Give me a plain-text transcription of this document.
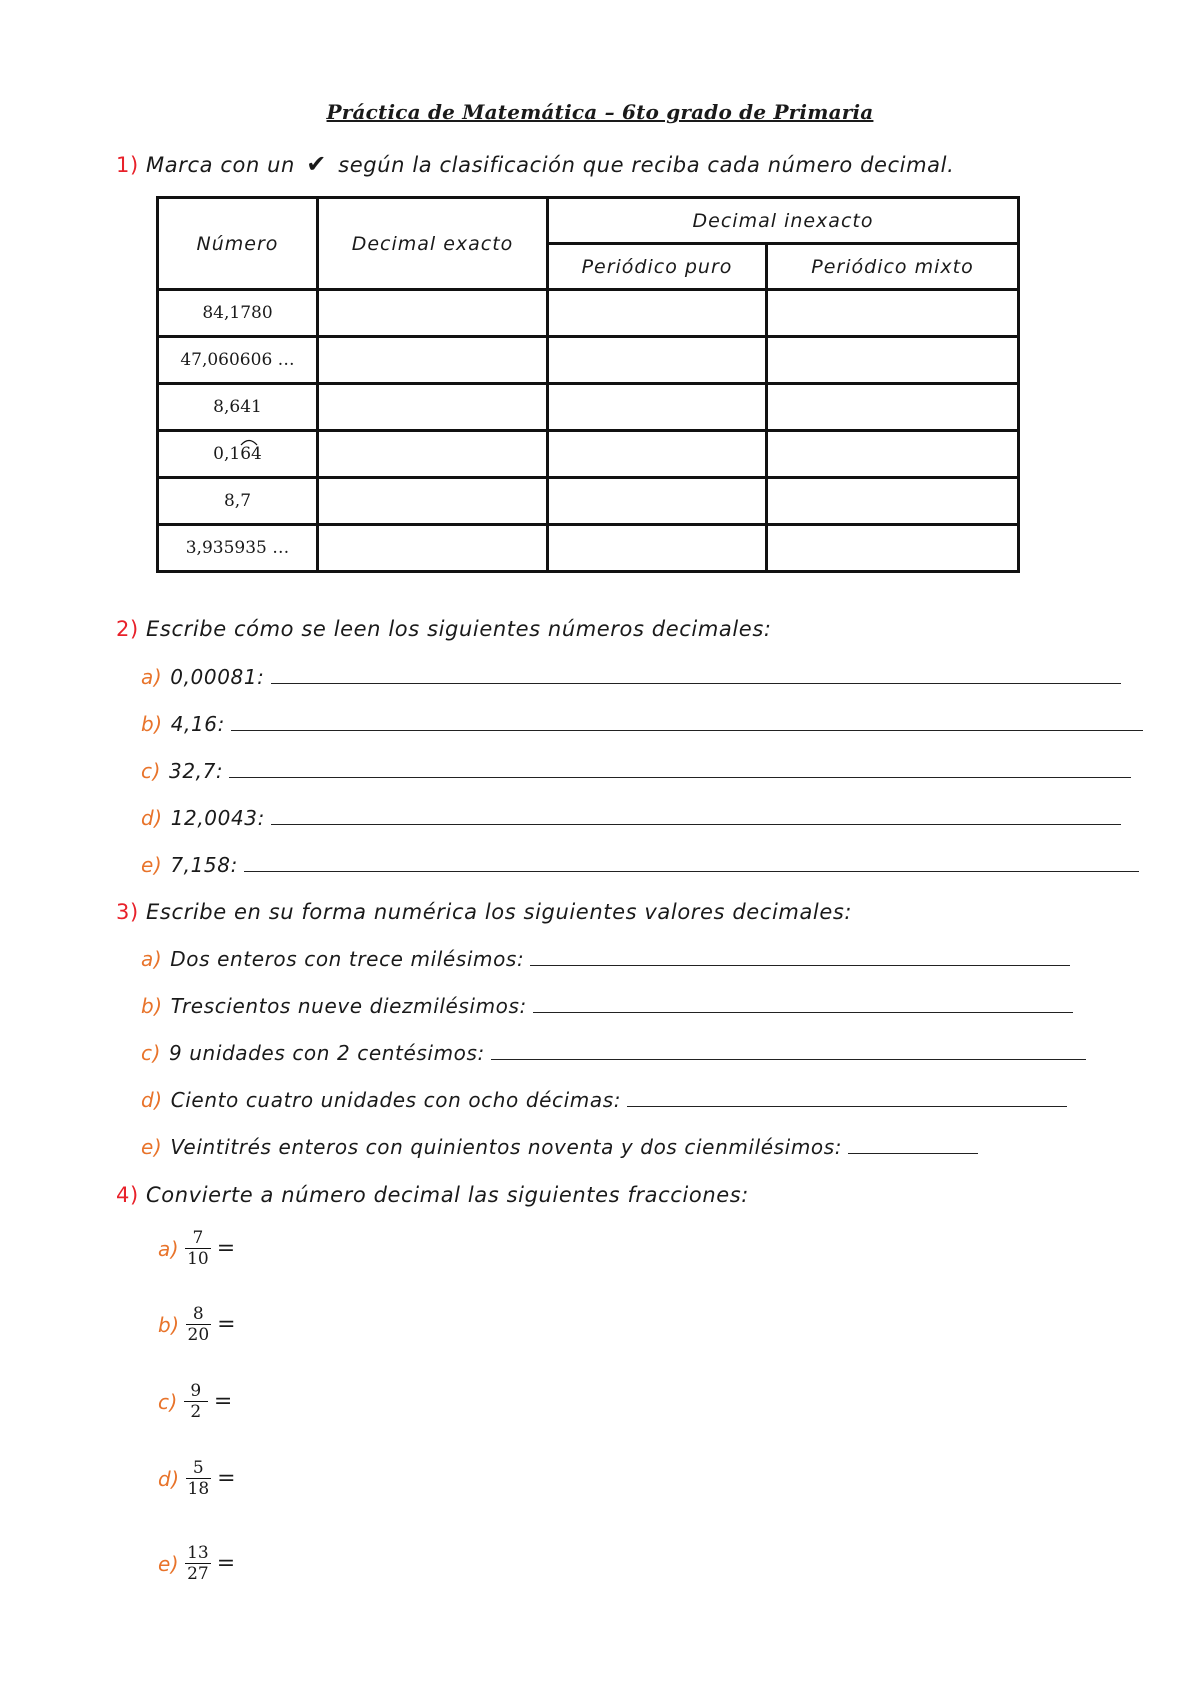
Práctica de Matemática – 6to grado de Primaria
1) Marca con un ✔ según la clasificación que reciba cada número decimal.
Número	Decimal exacto	Decimal inexacto	
		Periódico puro	Periódico mixto
84,1780			
47,060606 …			
8,641			
0,164

8,7			
3,935935 …			
2) Escribe cómo se leen los siguientes números decimales:
a) 0,00081:
b) 4,16:
c) 32,7:
d) 12,0043:
e) 7,158:
3) Escribe en su forma numérica los siguientes valores decimales:
a) Dos enteros con trece milésimos:
b) Trescientos nueve diezmilésimos:
c) 9 unidades con 2 centésimos:
d) Ciento cuatro unidades con ocho décimas:
e) Veintitrés enteros con quinientos noventa y dos cienmilésimos:
4) Convierte a número decimal las siguientes fracciones:
$a) \frac{7}{10}$ =
$b) \frac{8}{20}$ =
$c) \frac{9}{2}$ =
$d) \frac{5}{18}$ =
$e) \frac{13}{27}$ =
